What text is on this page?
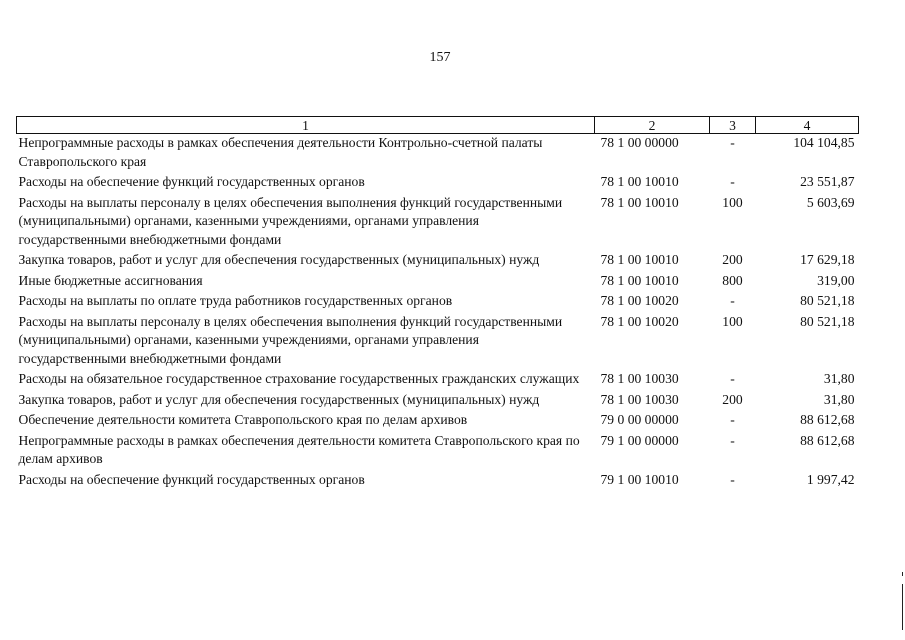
157
1	2	3	4
Непрограммные расходы в рамках обеспечения деятельности Контрольно-счетной палаты Ставропольского края	78 1 00 00000	-	104 104,85
Расходы на обеспечение функций государственных органов	78 1 00 10010	-	23 551,87
Расходы на выплаты персоналу в целях обеспечения выполнения функций государственными (муниципальными) органами, казенными учреждениями, органами управления государственными внебюджетными фондами	78 1 00 10010	100	5 603,69
Закупка товаров, работ и услуг для обеспечения государственных (муниципальных) нужд	78 1 00 10010	200	17 629,18
Иные бюджетные ассигнования	78 1 00 10010	800	319,00
Расходы на выплаты по оплате труда работников государственных органов	78 1 00 10020	-	80 521,18
Расходы на выплаты персоналу в целях обеспечения выполнения функций государственными (муниципальными) органами, казенными учреждениями, органами управления государственными внебюджетными фондами	78 1 00 10020	100	80 521,18
Расходы на обязательное государственное страхование государственных гражданских служащих	78 1 00 10030	-	31,80
Закупка товаров, работ и услуг для обеспечения государственных (муниципальных) нужд	78 1 00 10030	200	31,80
Обеспечение деятельности комитета Ставропольского края по делам архивов	79 0 00 00000	-	88 612,68
Непрограммные расходы в рамках обеспечения деятельности комитета Ставропольского края по делам архивов	79 1 00 00000	-	88 612,68
Расходы на обеспечение функций государственных органов	79 1 00 10010	-	1 997,42
